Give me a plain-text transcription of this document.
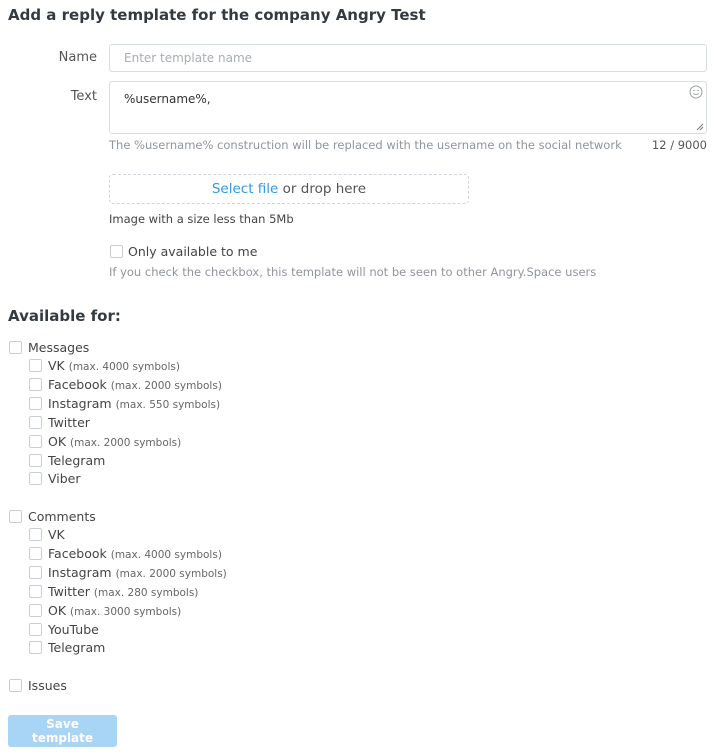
Add a reply template for the company Angry Test
Name
Enter template name
Text %username%,
The %username% construction will be replaced with the username on the social network	12 / 9000
Select file or drop here
Image with a size less than 5Mb
Only available to me
If you check the checkbox, this template will not be seen to other Angry.Space users
Available for:
Messages
VK (max. 4000 symbols)
Facebook (max. 2000 symbols)
Instagram (max. 550 symbols)
Twitter
OK (max. 2000 symbols)
Telegram
Viber
Comments
VK
Facebook (max. 4000 symbols)
Instagram (max. 2000 symbols)
Twitter (max. 280 symbols)
OK (max. 3000 symbols)
YouTube
Telegram
Issues
Save template
